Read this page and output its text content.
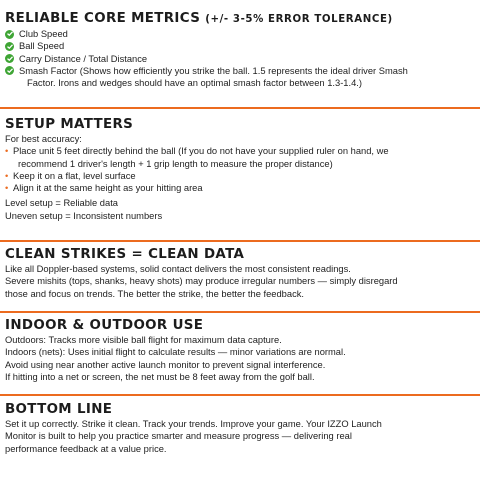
RELIABLE CORE METRICS (+/- 3-5% ERROR TOLERANCE)
Club Speed
Ball Speed
Carry Distance / Total Distance
Smash Factor (Shows how efficiently you strike the ball. 1.5 represents the ideal driver Smash
Factor. Irons and wedges should have an optimal smash factor between 1.3-1.4.)
SETUP MATTERS

For best accuracy:

• Place unit 5 feet directly behind the ball (If you do not have your supplied ruler on hand, we
recommend 1 driver's length + 1 grip length to measure the proper distance)
• Keep it on a flat, level surface
• Align it at the same height as your hitting area

Level setup = Reliable data

Uneven setup = Inconsistent numbers

CLEAN STRIKES = CLEAN DATA

Like all Doppler-based systems, solid contact delivers the most consistent readings.

Severe mishits (tops, shanks, heavy shots) may produce irregular numbers — simply disregard

those and focus on trends. The better the strike, the better the feedback.

INDOOR & OUTDOOR USE

Outdoors: Tracks more visible ball flight for maximum data capture.

Indoors (nets): Uses initial flight to calculate results — minor variations are normal.

Avoid using near another active launch monitor to prevent signal interference.

If hitting into a net or screen, the net must be 8 feet away from the golf ball.

BOTTOM LINE

Set it up correctly. Strike it clean. Track your trends. Improve your game. Your IZZO Launch

Monitor is built to help you practice smarter and measure progress — delivering real

performance feedback at a value price.
